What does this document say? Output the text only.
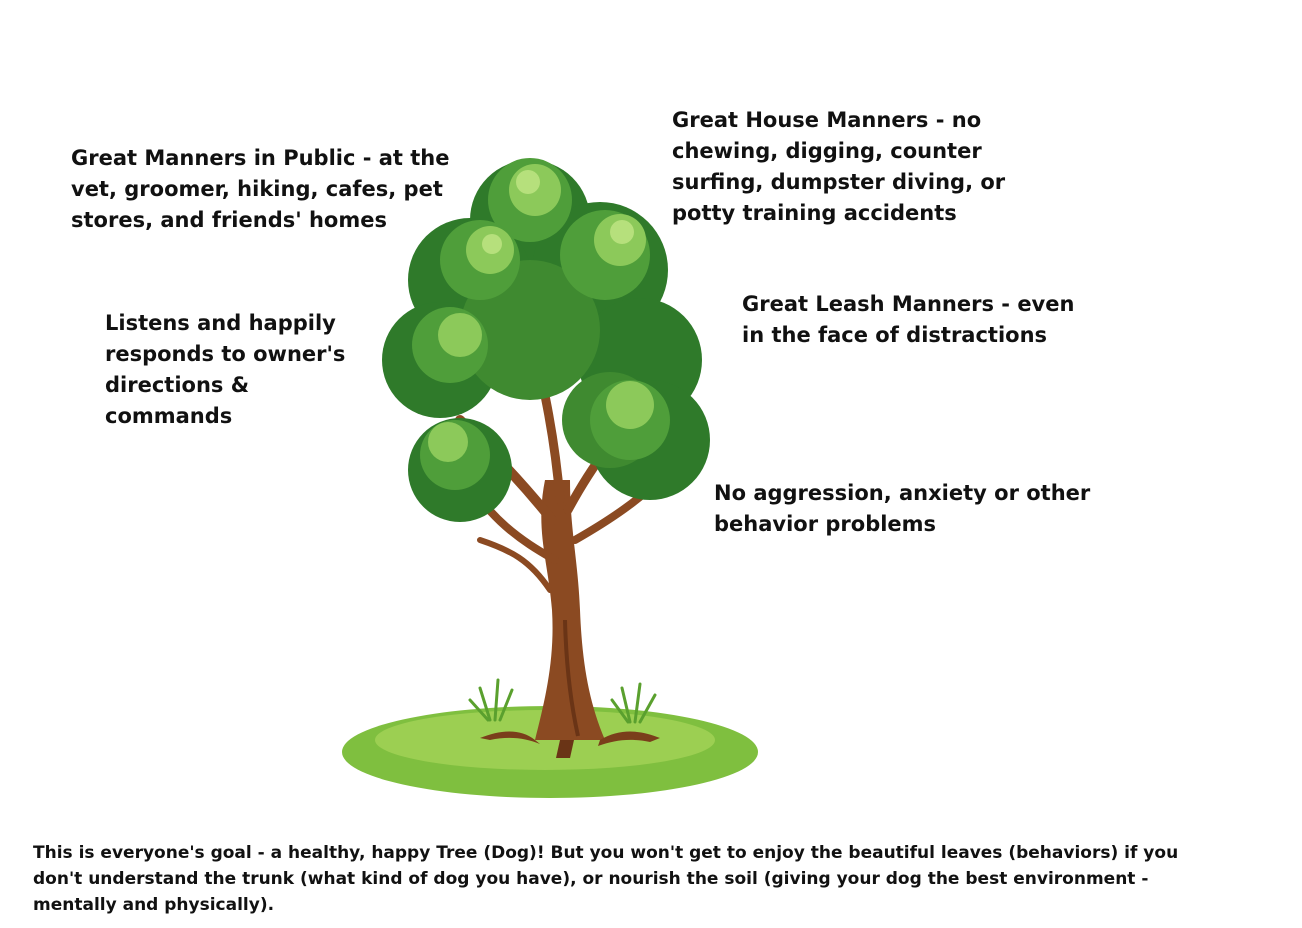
Great Manners in Public - at the vet, groomer, hiking, cafes, pet stores, and friends' homes

Great House Manners - no chewing, digging, counter surfing, dumpster diving, or potty training accidents

Great Leash Manners - even in the face of distractions

Listens and happily responds to owner's directions & commands

No aggression, anxiety or other behavior problems

This is everyone's goal - a healthy, happy Tree (Dog)! But you won't get to enjoy the beautiful leaves (behaviors) if you don't understand the trunk (what kind of dog you have), or nourish the soil (giving your dog the best environment - mentally and physically).
